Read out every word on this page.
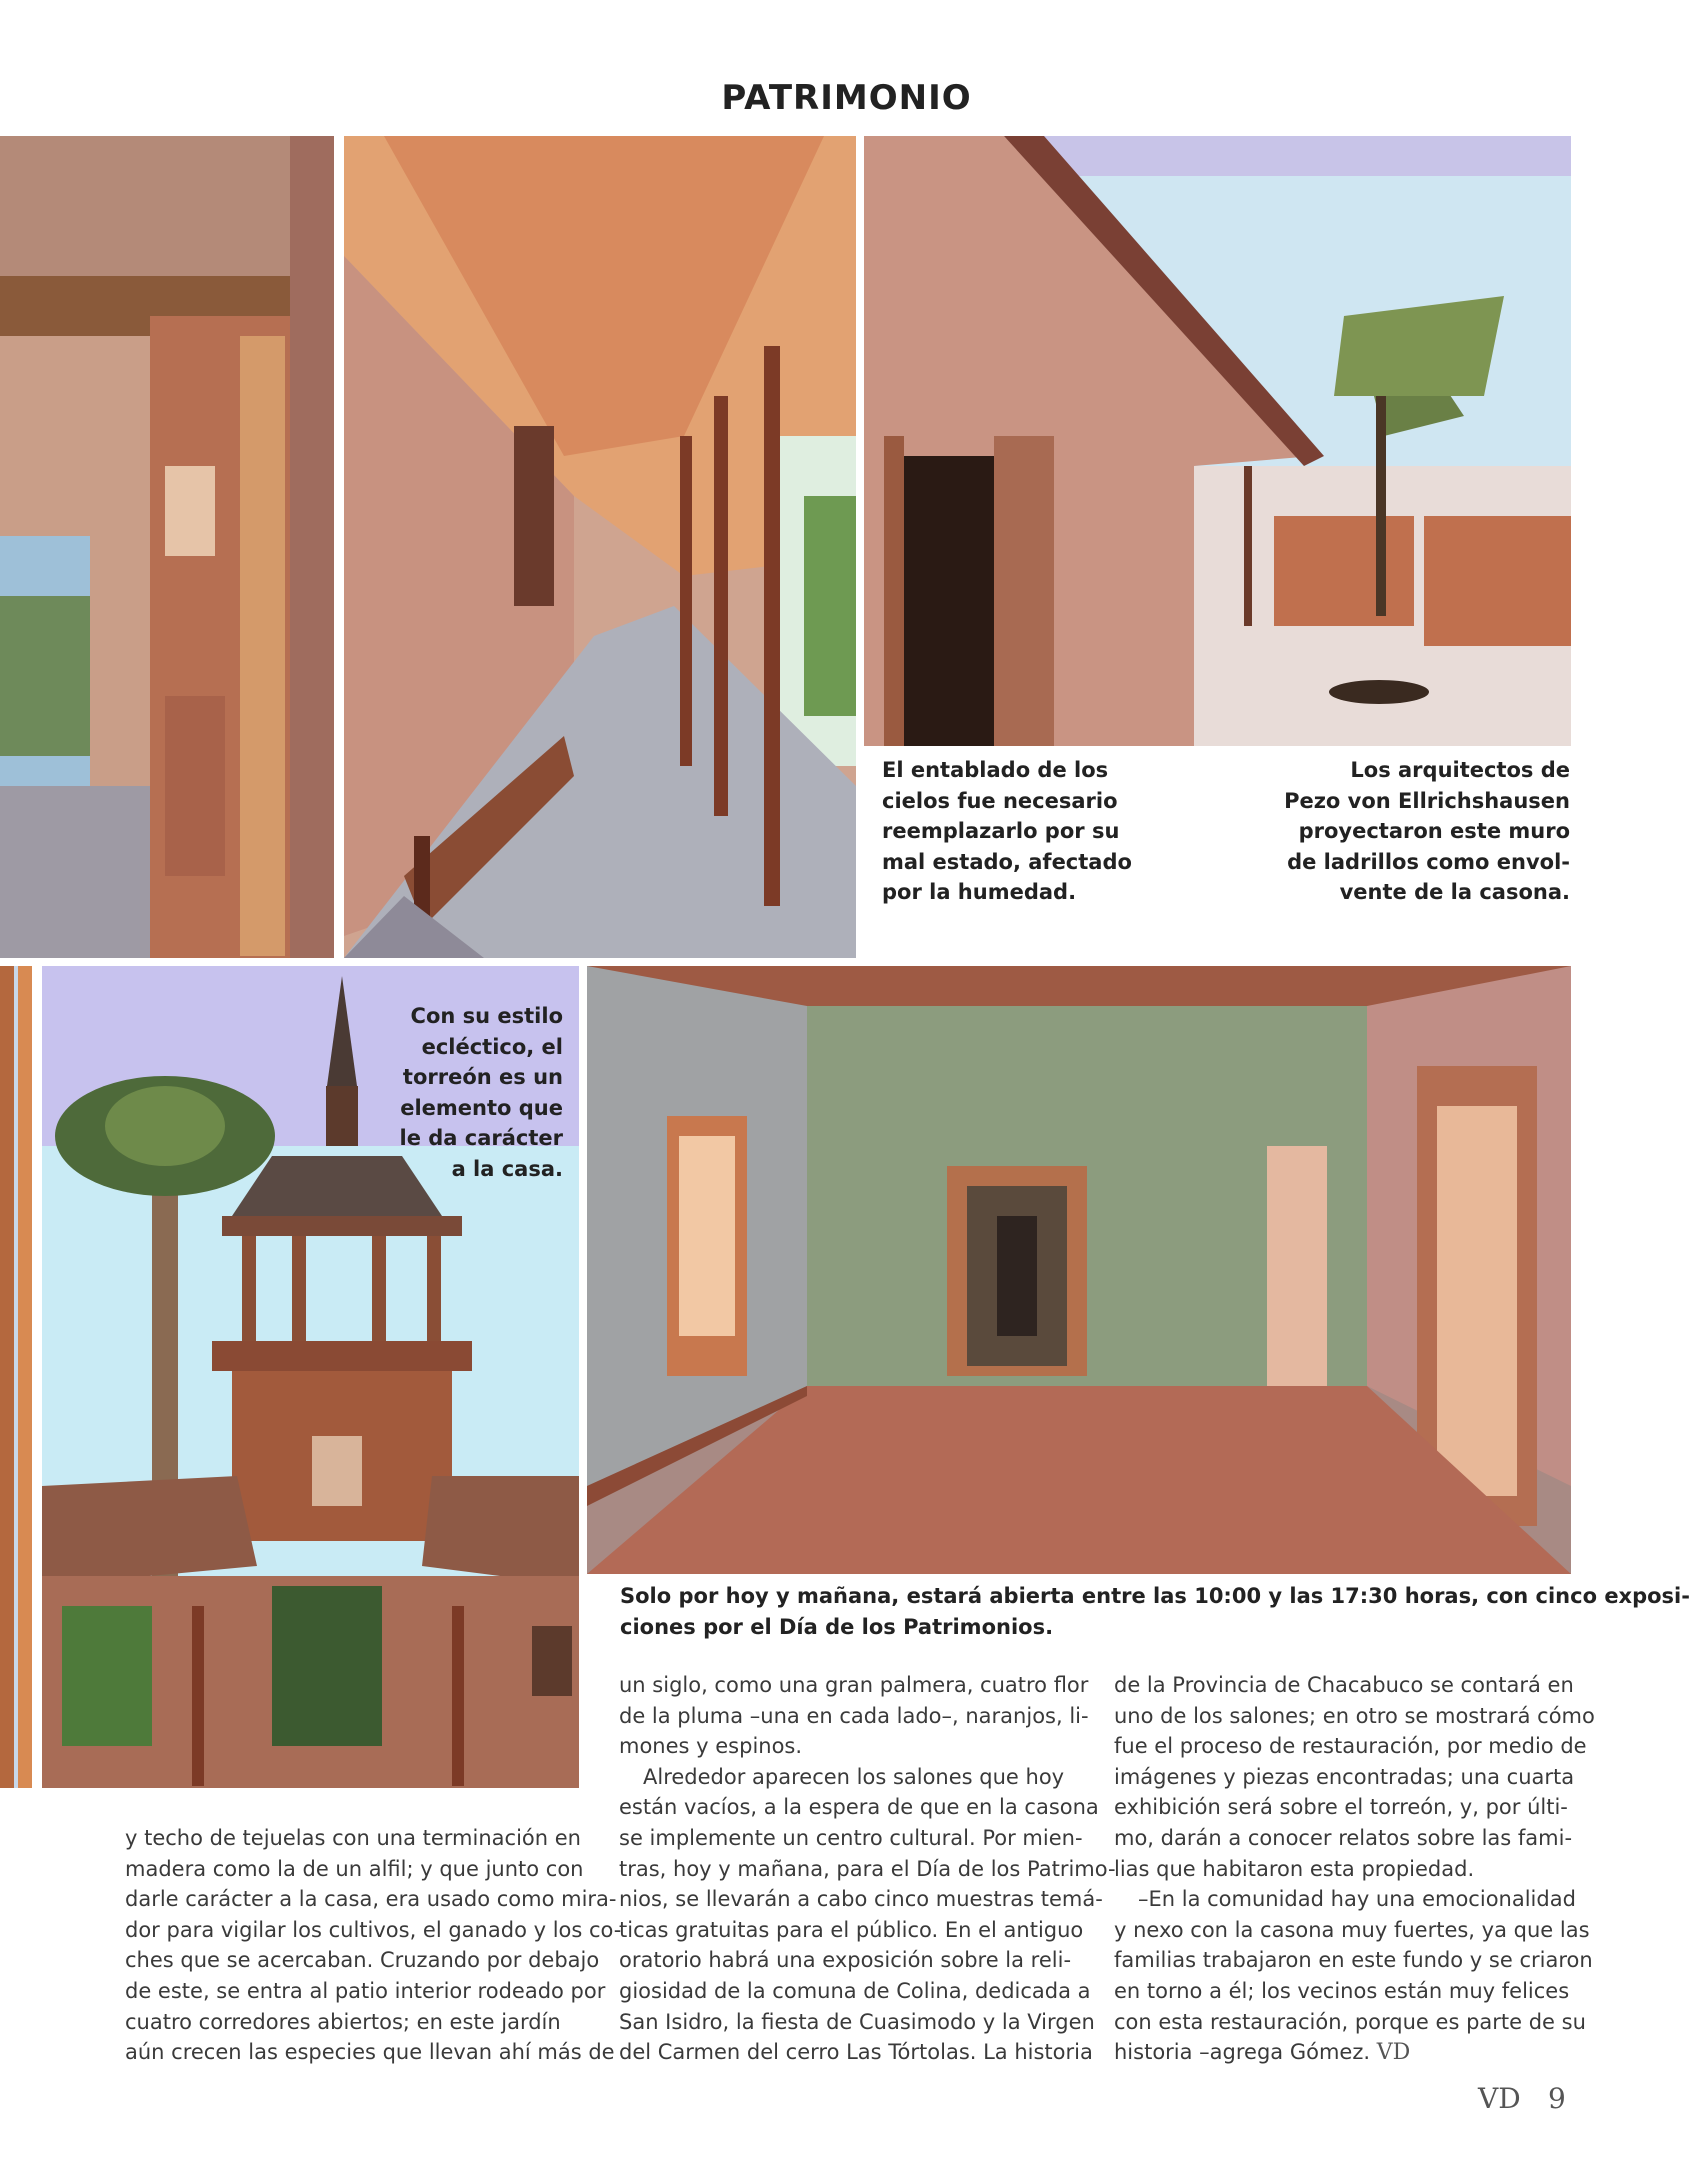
PATRIMONIO
El entablado de los
cielos fue necesario
reemplazarlo por su
mal estado, afectado
por la humedad.
Los arquitectos de
Pezo von Ellrichshausen
proyectaron este muro
de ladrillos como envol-
vente de la casona.
Con su estilo
ecléctico, el
torreón es un
elemento que
le da carácter
a la casa.
Solo por hoy y mañana, estará abierta entre las 10:00 y las 17:30 horas, con cinco exposi-
ciones por el Día de los Patrimonios.
y techo de tejuelas con una terminación en
madera como la de un alfil; y que junto con
darle carácter a la casa, era usado como mira-
dor para vigilar los cultivos, el ganado y los co-
ches que se acercaban. Cruzando por debajo
de este, se entra al patio interior rodeado por
cuatro corredores abiertos; en este jardín
aún crecen las especies que llevan ahí más de
un siglo, como una gran palmera, cuatro flor
de la pluma –una en cada lado–, naranjos, li-
mones y espinos.
Alrededor aparecen los salones que hoy
están vacíos, a la espera de que en la casona
se implemente un centro cultural. Por mien-
tras, hoy y mañana, para el Día de los Patrimo-
nios, se llevarán a cabo cinco muestras temá-
ticas gratuitas para el público. En el antiguo
oratorio habrá una exposición sobre la reli-
giosidad de la comuna de Colina, dedicada a
San Isidro, la fiesta de Cuasimodo y la Virgen
del Carmen del cerro Las Tórtolas. La historia
de la Provincia de Chacabuco se contará en
uno de los salones; en otro se mostrará cómo
fue el proceso de restauración, por medio de
imágenes y piezas encontradas; una cuarta
exhibición será sobre el torreón, y, por últi-
mo, darán a conocer relatos sobre las fami-
lias que habitaron esta propiedad.
–En la comunidad hay una emocionalidad
y nexo con la casona muy fuertes, ya que las
familias trabajaron en este fundo y se criaron
en torno a él; los vecinos están muy felices
con esta restauración, porque es parte de su
historia –agrega Gómez. VD
VD 9
